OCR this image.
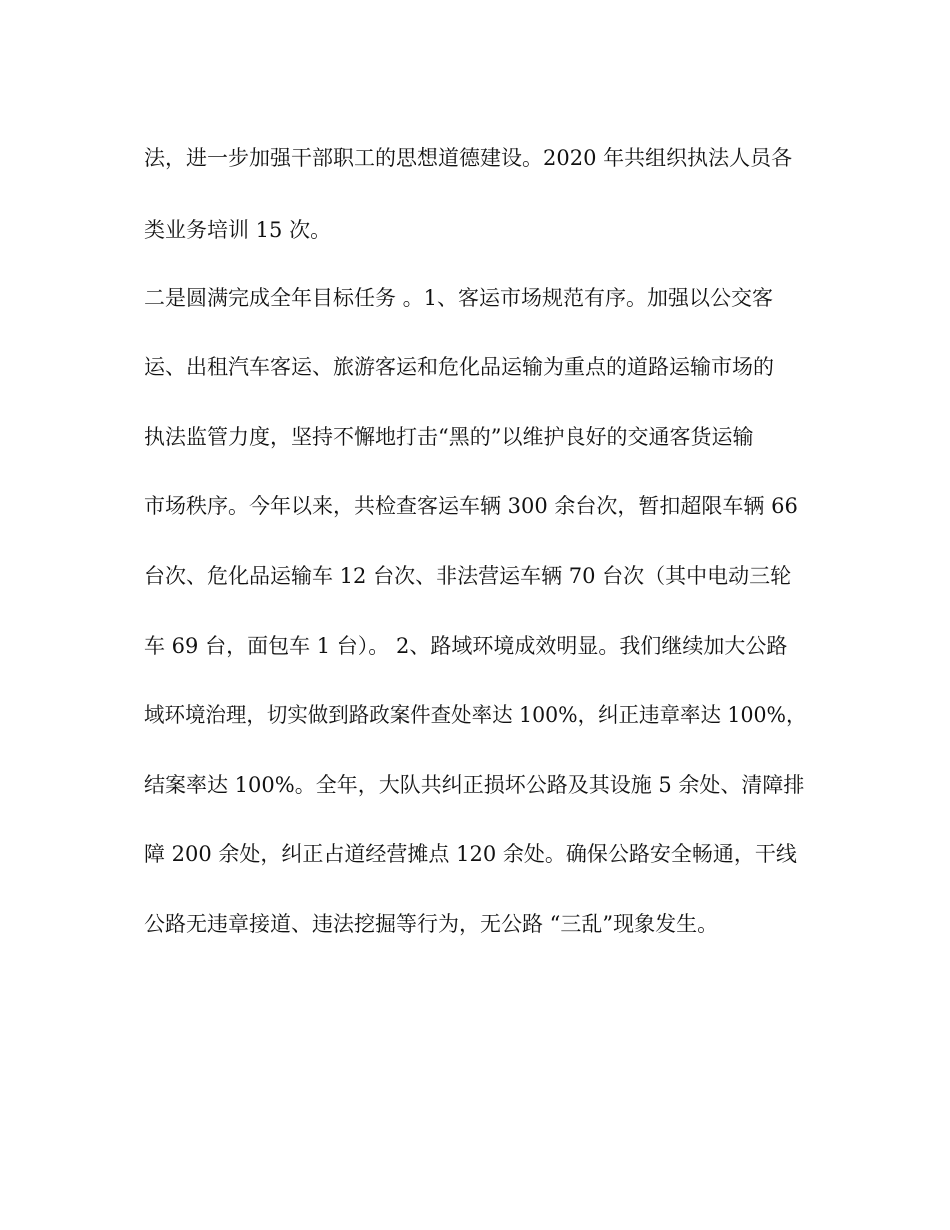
法，进一步加强干部职工的思想道德建设。2020 年共组织执法人员各
类业务培训 15 次。
二是圆满完成全年目标任务 。1、客运市场规范有序。加强以公交客
运、出租汽车客运、旅游客运和危化品运输为重点的道路运输市场的
执法监管力度，坚持不懈地打击“黑的”以维护良好的交通客货运输
市场秩序。今年以来，共检查客运车辆 300 余台次，暂扣超限车辆 66
台次、危化品运输车 12 台次、非法营运车辆 70 台次（其中电动三轮
车 69 台，面包车 1 台）。 2、路域环境成效明显。我们继续加大公路
域环境治理，切实做到路政案件查处率达 100%，纠正违章率达 100%，
结案率达 100%。全年，大队共纠正损坏公路及其设施 5 余处、清障排
障 200 余处，纠正占道经营摊点 120 余处。确保公路安全畅通，干线
公路无违章接道、违法挖掘等行为，无公路 “三乱”现象发生。
